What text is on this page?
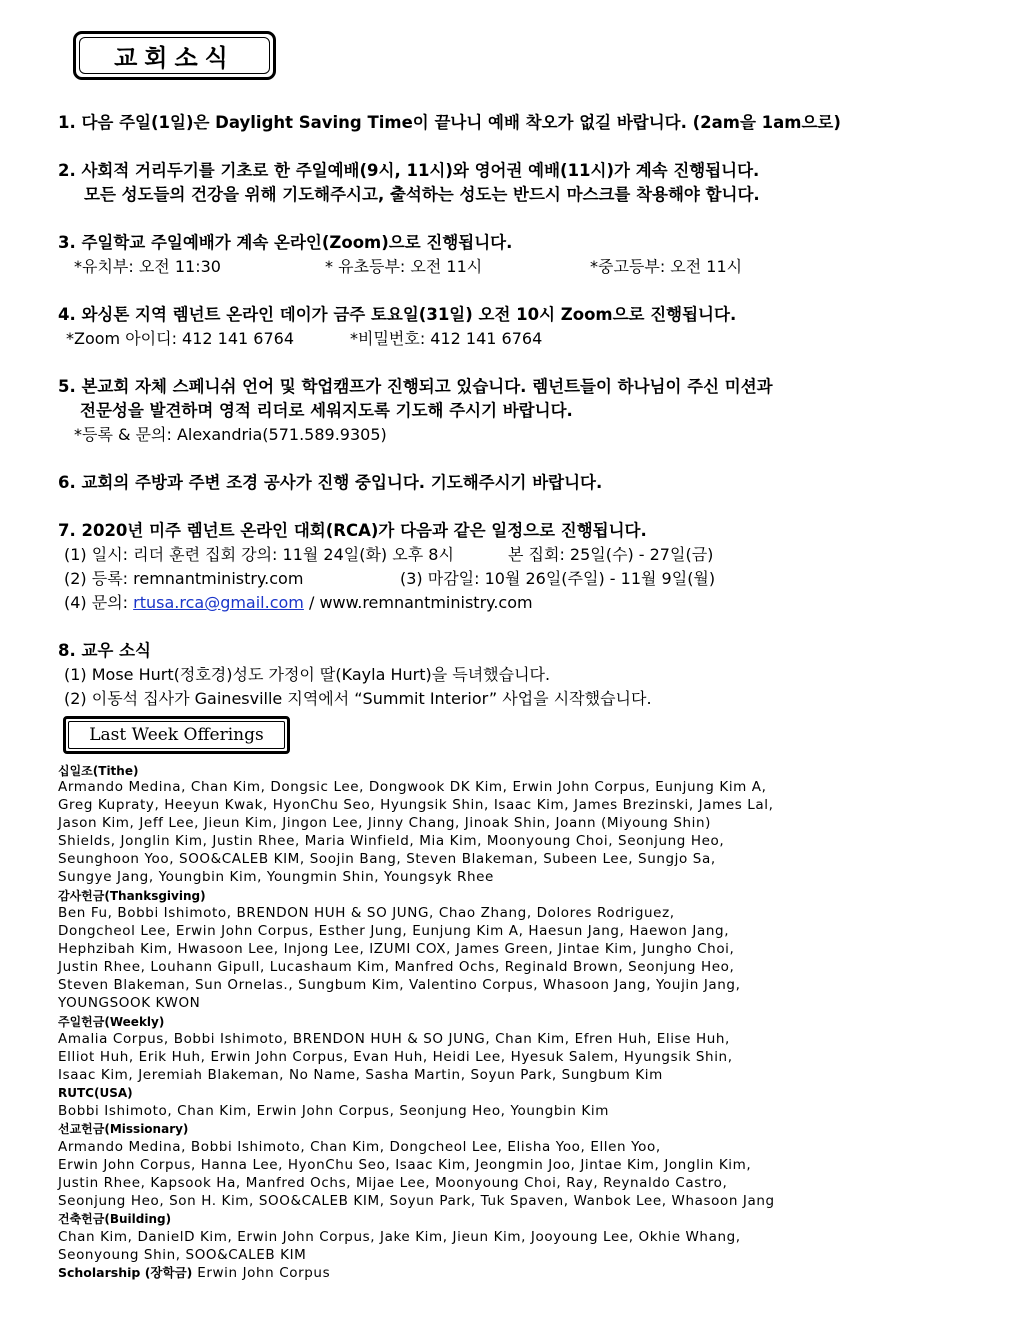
교회소식
1. 다음 주일(1일)은 Daylight Saving Time이 끝나니 예배 착오가 없길 바랍니다. (2am을 1am으로)
2. 사회적 거리두기를 기초로 한 주일예배(9시, 11시)와 영어권 예배(11시)가 계속 진행됩니다.
모든 성도들의 건강을 위해 기도해주시고, 출석하는 성도는 반드시 마스크를 착용해야 합니다.
3. 주일학교 주일예배가 계속 온라인(Zoom)으로 진행됩니다.
*유치부: 오전 11:30	* 유초등부: 오전 11시	*중고등부: 오전 11시
4. 와싱톤 지역 렘넌트 온라인 데이가 금주 토요일(31일) 오전 10시 Zoom으로 진행됩니다.
*Zoom 아이디: 412 141 6764	*비밀번호: 412 141 6764
5. 본교회 자체 스페니쉬 언어 및 학업캠프가 진행되고 있습니다. 렘넌트들이 하나님이 주신 미션과
전문성을 발견하며 영적 리더로 세워지도록 기도해 주시기 바랍니다.
*등록 & 문의: Alexandria(571.589.9305)
6. 교회의 주방과 주변 조경 공사가 진행 중입니다. 기도해주시기 바랍니다.
7. 2020년 미주 렘넌트 온라인 대회(RCA)가 다음과 같은 일정으로 진행됩니다.
(1) 일시: 리더 훈련 집회 강의: 11월 24일(화) 오후 8시	본 집회: 25일(수) - 27일(금)
(2) 등록: remnantministry.com	(3) 마감일: 10월 26일(주일) - 11월 9일(월)
(4) 문의: rtusa.rca@gmail.com / www.remnantministry.com
8. 교우 소식
(1) Mose Hurt(정호경)성도 가정이 딸(Kayla Hurt)을 득녀했습니다.
(2) 이동석 집사가 Gainesville 지역에서 “Summit Interior” 사업을 시작했습니다.
Last Week Offerings
십일조(Tithe)
Armando Medina, Chan Kim, Dongsic Lee, Dongwook DK Kim, Erwin John Corpus, Eunjung Kim A,
Greg Kupraty, Heeyun Kwak, HyonChu Seo, Hyungsik Shin, Isaac Kim, James Brezinski, James Lal,
Jason Kim, Jeff Lee, Jieun Kim, Jingon Lee, Jinny Chang, Jinoak Shin, Joann (Miyoung Shin)
Shields, Jonglin Kim, Justin Rhee, Maria Winfield, Mia Kim, Moonyoung Choi, Seonjung Heo,
Seunghoon Yoo, SOO&CALEB KIM, Soojin Bang, Steven Blakeman, Subeen Lee, Sungjo Sa,
Sungye Jang, Youngbin Kim, Youngmin Shin, Youngsyk Rhee
감사헌금(Thanksgiving)
Ben Fu, Bobbi Ishimoto, BRENDON HUH & SO JUNG, Chao Zhang, Dolores Rodriguez,
Dongcheol Lee, Erwin John Corpus, Esther Jung, Eunjung Kim A, Haesun Jang, Haewon Jang,
Hephzibah Kim, Hwasoon Lee, Injong Lee, IZUMI COX, James Green, Jintae Kim, Jungho Choi,
Justin Rhee, Louhann Gipull, Lucashaum Kim, Manfred Ochs, Reginald Brown, Seonjung Heo,
Steven Blakeman, Sun Ornelas., Sungbum Kim, Valentino Corpus, Whasoon Jang, Youjin Jang,
YOUNGSOOK KWON
주일헌금(Weekly)
Amalia Corpus, Bobbi Ishimoto, BRENDON HUH & SO JUNG, Chan Kim, Efren Huh, Elise Huh,
Elliot Huh, Erik Huh, Erwin John Corpus, Evan Huh, Heidi Lee, Hyesuk Salem, Hyungsik Shin,
Isaac Kim, Jeremiah Blakeman, No Name, Sasha Martin, Soyun Park, Sungbum Kim
RUTC(USA)
Bobbi Ishimoto, Chan Kim, Erwin John Corpus, Seonjung Heo, Youngbin Kim
선교헌금(Missionary)
Armando Medina, Bobbi Ishimoto, Chan Kim, Dongcheol Lee, Elisha Yoo, Ellen Yoo,
Erwin John Corpus, Hanna Lee, HyonChu Seo, Isaac Kim, Jeongmin Joo, Jintae Kim, Jonglin Kim,
Justin Rhee, Kapsook Ha, Manfred Ochs, Mijae Lee, Moonyoung Choi, Ray, Reynaldo Castro,
Seonjung Heo, Son H. Kim, SOO&CALEB KIM, Soyun Park, Tuk Spaven, Wanbok Lee, Whasoon Jang
건축헌금(Building)
Chan Kim, DanielD Kim, Erwin John Corpus, Jake Kim, Jieun Kim, Jooyoung Lee, Okhie Whang,
Seonyoung Shin, SOO&CALEB KIM
Scholarship (장학금) Erwin John Corpus
